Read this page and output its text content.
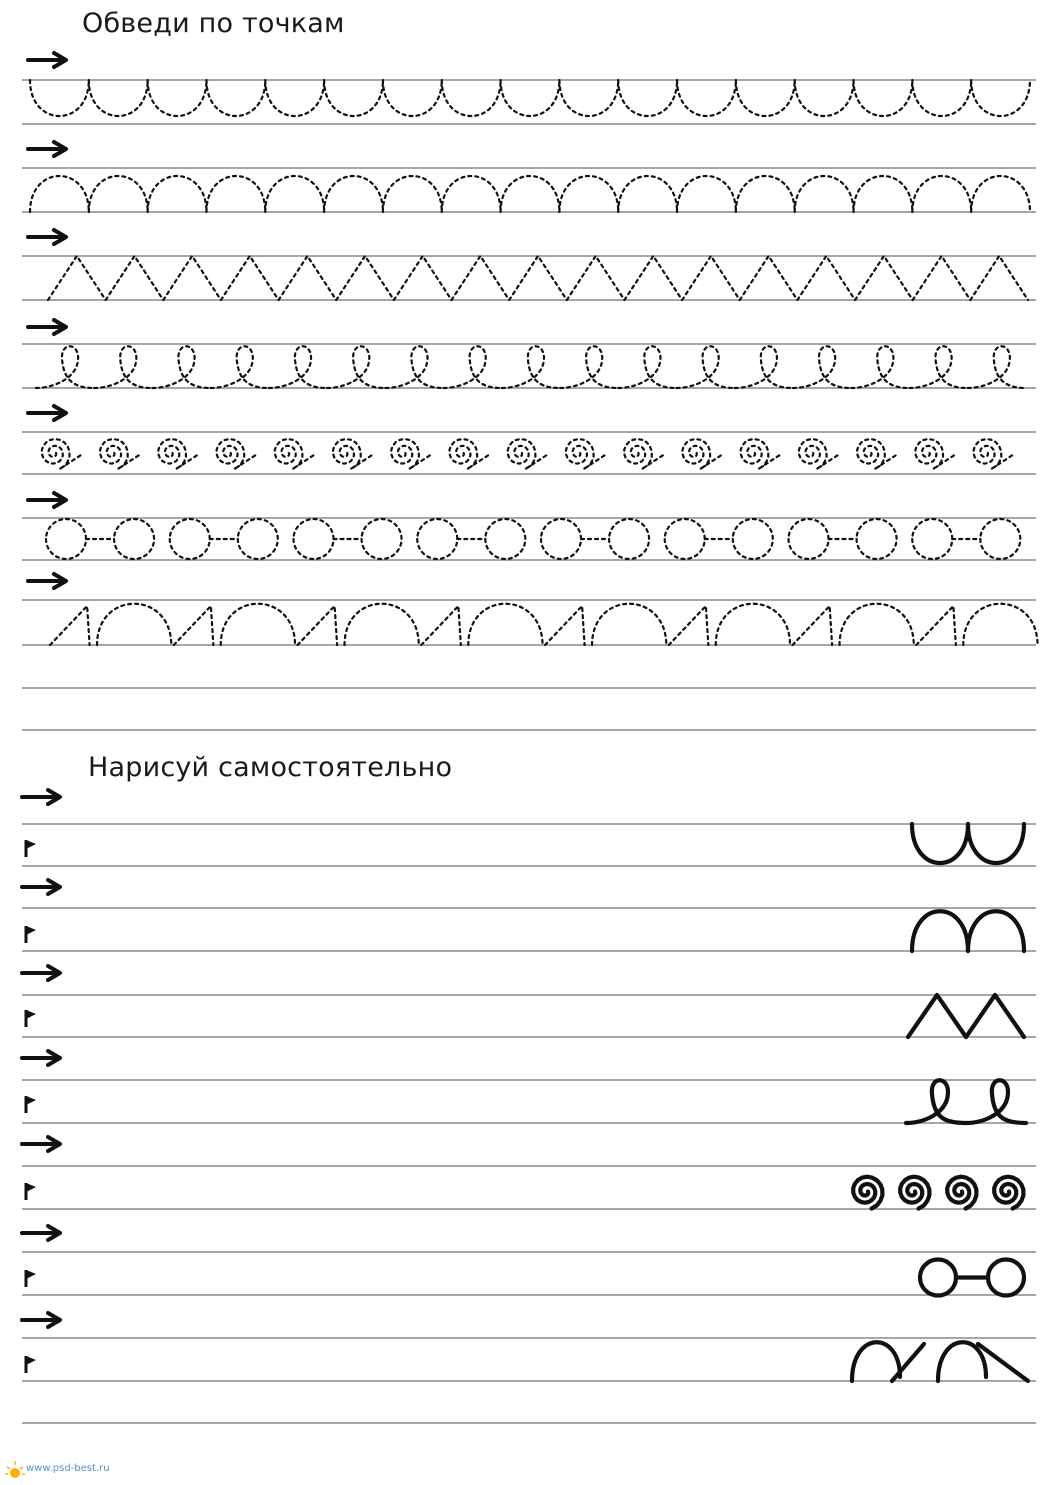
Обведи по точкам
Нарисуй самостоятельно
www.psd-best.ru
